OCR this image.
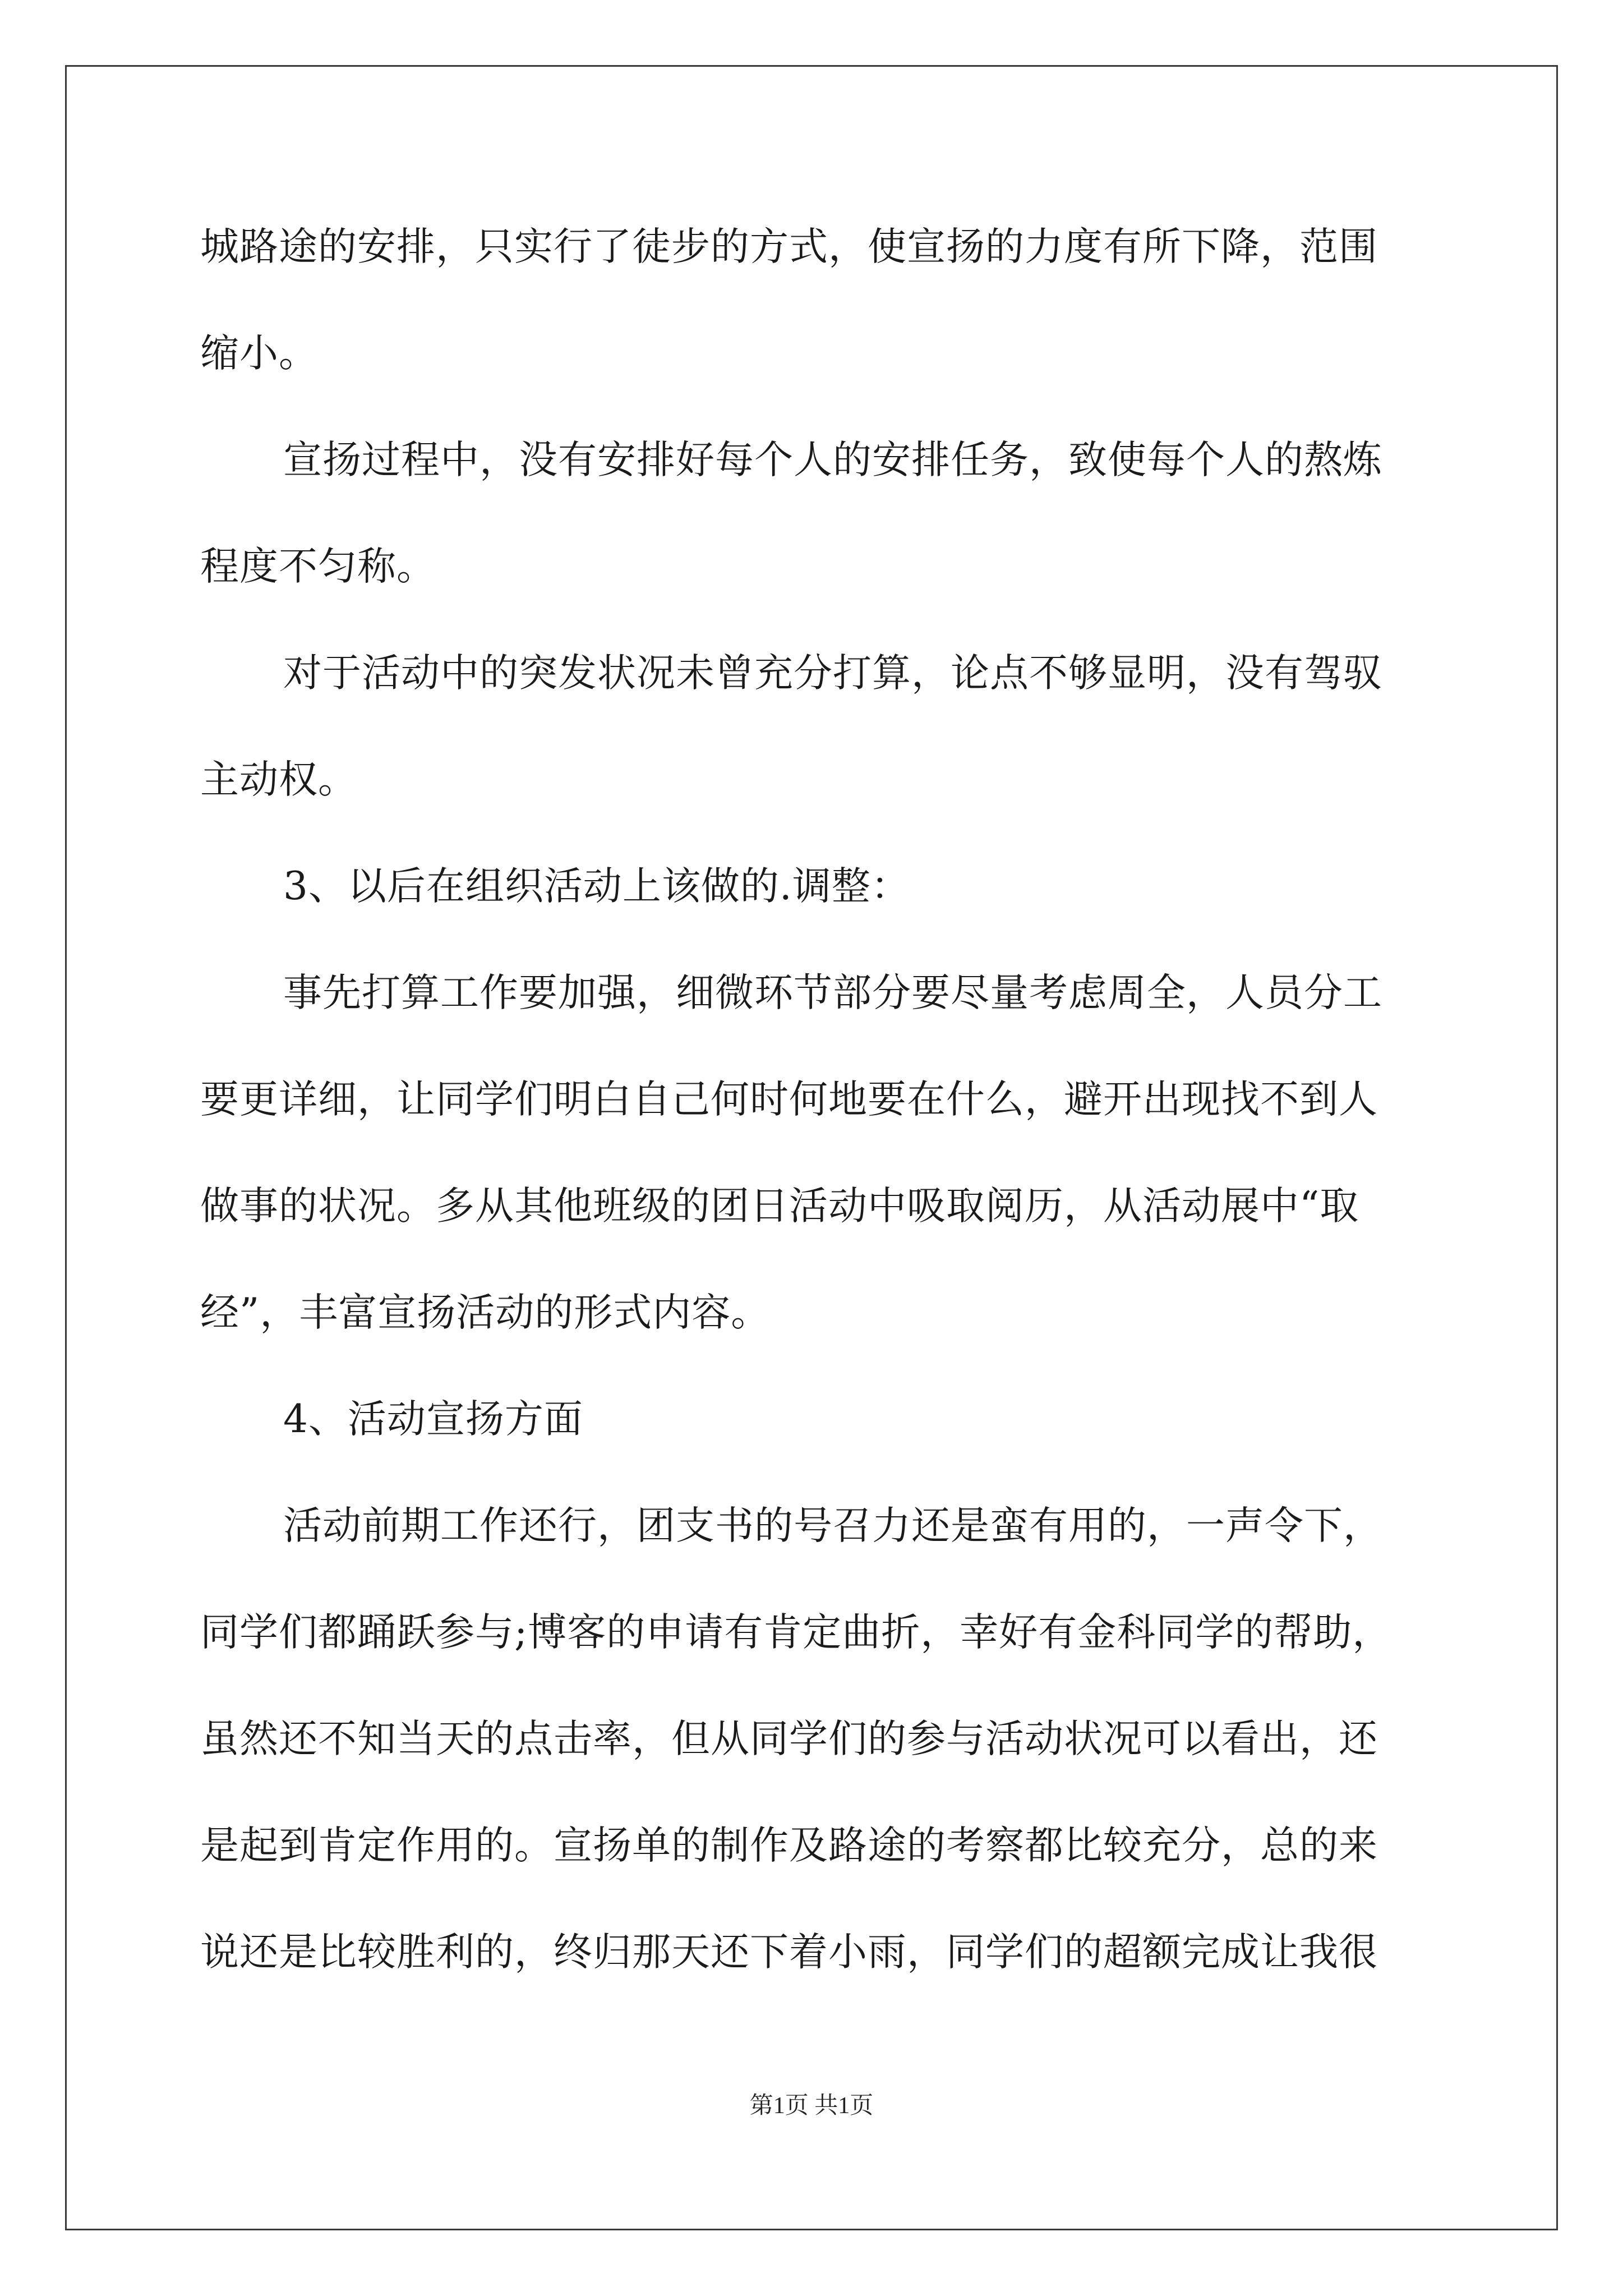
城路途的安排，只实行了徒步的方式，使宣扬的力度有所下降，范围
缩小。
宣扬过程中，没有安排好每个人的安排任务，致使每个人的熬炼
程度不匀称。
对于活动中的突发状况未曾充分打算，论点不够显明，没有驾驭
主动权。
3、以后在组织活动上该做的.调整：
事先打算工作要加强，细微环节部分要尽量考虑周全，人员分工
要更详细，让同学们明白自己何时何地要在什么，避开出现找不到人
做事的状况。多从其他班级的团日活动中吸取阅历，从活动展中“取
经”，丰富宣扬活动的形式内容。
4、活动宣扬方面
活动前期工作还行，团支书的号召力还是蛮有用的，一声令下，
同学们都踊跃参与;博客的申请有肯定曲折，幸好有金科同学的帮助，
虽然还不知当天的点击率，但从同学们的参与活动状况可以看出，还
是起到肯定作用的。宣扬单的制作及路途的考察都比较充分，总的来
说还是比较胜利的，终归那天还下着小雨，同学们的超额完成让我很
第1页 共1页
